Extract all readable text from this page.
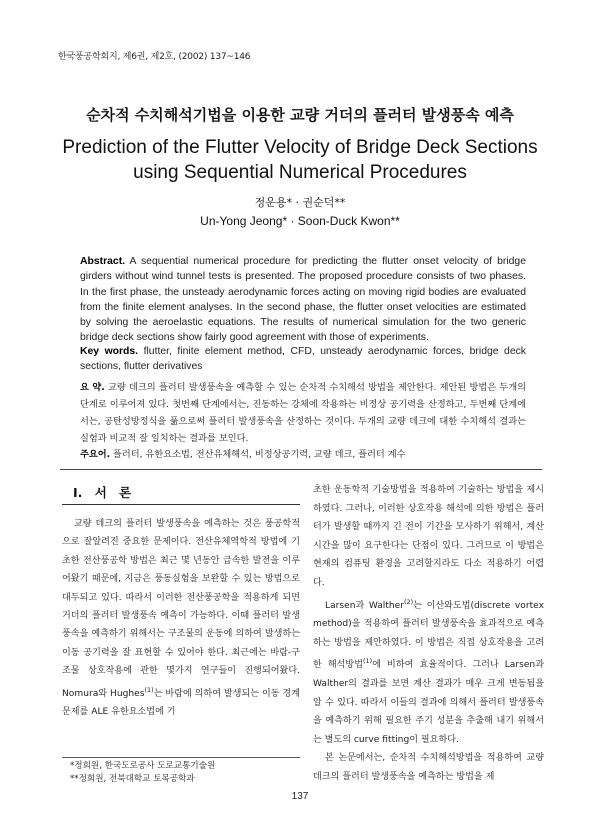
한국풍공학회지, 제6권, 제2호, (2002) 137~146
순차적 수치해석기법을 이용한 교량 거더의 플러터 발생풍속 예측
Prediction of the Flutter Velocity of Bridge Deck Sections
using Sequential Numerical Procedures
정운용* · 권순덕**
Un-Yong Jeong* · Soon-Duck Kwon**
Abstract. A sequential numerical procedure for predicting the flutter onset velocity of bridge girders without wind tunnel tests is presented. The proposed procedure consists of two phases. In the first phase, the unsteady aerodynamic forces acting on moving rigid bodies are evaluated from the finite element analyses. In the second phase, the flutter onset velocities are estimated by solving the aeroelastic equations. The results of numerical simulation for the two generic bridge deck sections show fairly good agreement with those of experiments.
Key words. flutter, finite element method, CFD, unsteady aerodynamic forces, bridge deck sections, flutter derivatives
요 약. 교량 데크의 플러터 발생풍속을 예측할 수 있는 순차적 수치해석 방법을 제안한다. 제안된 방법은 두개의 단계로 이루어져 있다. 첫번째 단계에서는, 진동하는 강체에 작용하는 비정상 공기력을 산정하고, 두번째 단계에서는, 공탄성방정식을 풂으로써 플러터 발생풍속을 산정하는 것이다. 두개의 교량 데크에 대한 수치해석 결과는 실험과 비교적 잘 일치하는 결과를 보인다.
주요어. 플러터, 유한요소법, 전산유체해석, 비정상공기력, 교량 데크, 플러터 계수
I. 서 론
교량 데크의 플러터 발생풍속을 예측하는 것은 풍공학적으로 잘알려진 중요한 문제이다. 전산유체역학적 방법에 기초한 전산풍공학 방법은 최근 몇 년동안 급속한 발전을 이루어왔기 때문에, 지금은 풍동실험을 보완할 수 있는 방법으로 대두되고 있다. 따라서 이러한 전산풍공학을 적용하게 되면 거더의 플러터 발생풍속 예측이 가능하다. 이때 플러터 발생풍속을 예측하기 위해서는 구조물의 운동에 의하여 발생하는 이동 공기력을 잘 표현할 수 있어야 한다. 최근에는 바람-구조물 상호작용에 관한 몇가지 연구들이 진행되어왔다. Nomura와 Hughes$^{(1)}$는 바람에 의하여 발생되는 이동 경계문제를 ALE 유한요소법에 기

초한 운동학적 기술방법을 적용하여 기술하는 방법을 제시하였다. 그러나, 이러한 상호작용 해석에 의한 방법은 플러터가 발생할 때까지 긴 전이 기간을 모사하기 위해서, 계산시간을 많이 요구한다는 단점이 있다. 그러므로 이 방법은 현재의 컴퓨팅 환경을 고려할지라도 다소 적용하기 어렵다.

Larsen과 Walther$^{(2)}$는 이산와도법(discrete vortex method)을 적용하여 플러터 발생풍속을 효과적으로 예측하는 방법을 제안하였다. 이 방법은 직접 상호작용을 고려한 해석방법$^{(1)}$에 비하여 효율적이다. 그러나 Larsen과 Walther의 결과를 보면 계산 결과가 매우 크게 변동됨을 알 수 있다. 따라서 이들의 결과에 의해서 플러터 발생풍속을 예측하기 위해 필요한 주기 성분을 추출해 내기 위해서는 별도의 curve fitting이 필요하다.

본 논문에서는, 순차적 수치해석방법을 적용하여 교량 데크의 플러터 발생풍속을 예측하는 방법을 제

*정회원, 한국도로공사 도로교통기술원
**정회원, 전북대학교 토목공학과
137
